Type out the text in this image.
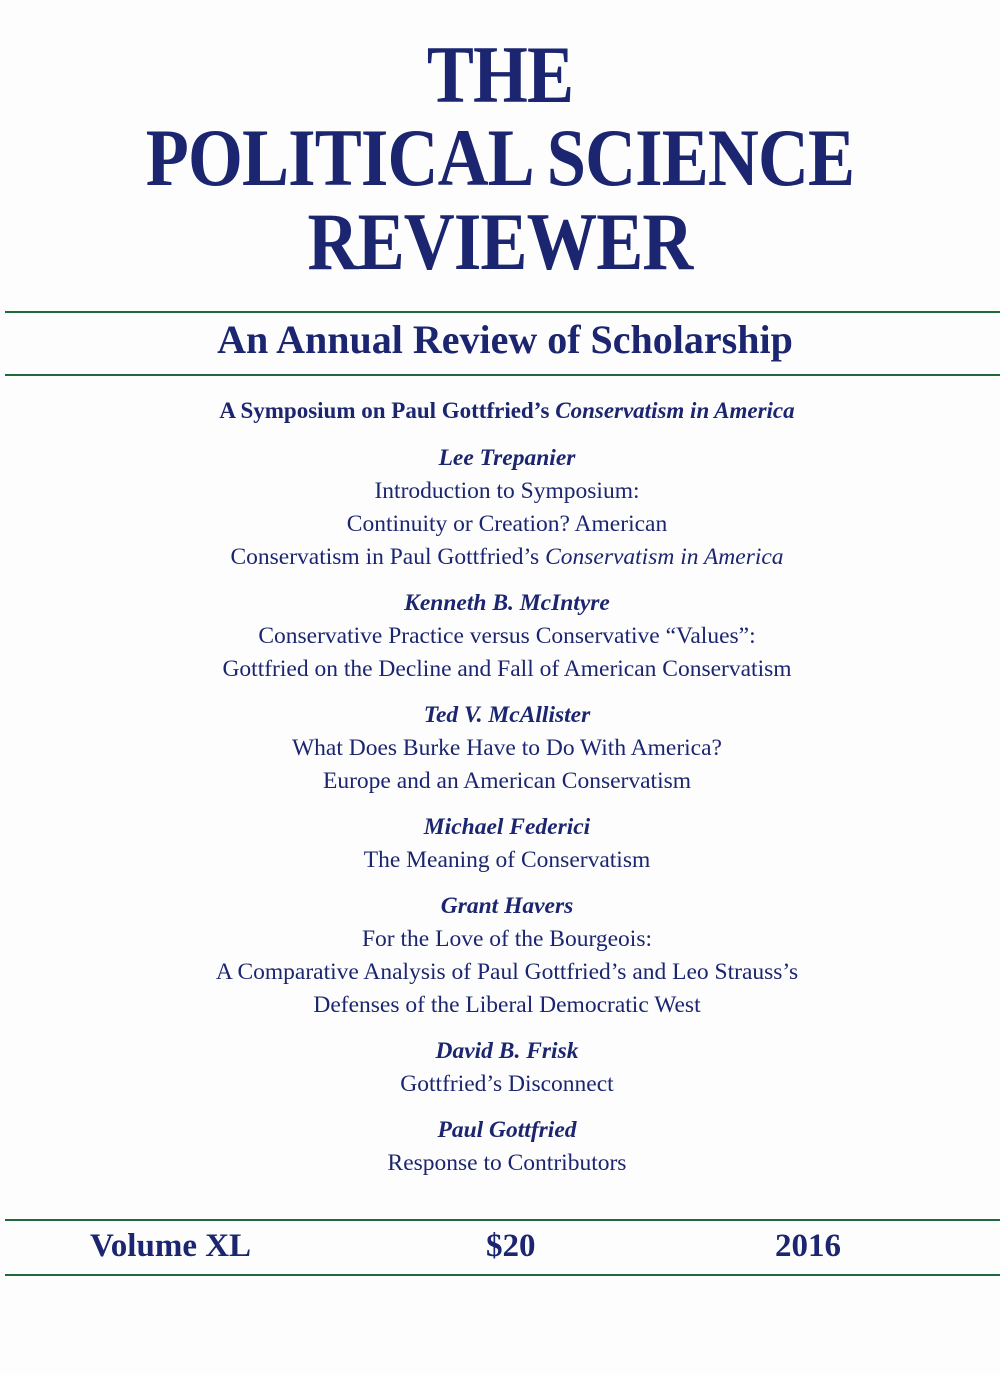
THE
POLITICAL SCIENCE
REVIEWER
An Annual Review of Scholarship
A Symposium on Paul Gottfried’s Conservatism in America
Lee Trepanier
Introduction to Symposium:
Continuity or Creation? American
Conservatism in Paul Gottfried’s Conservatism in America
Kenneth B. McIntyre
Conservative Practice versus Conservative “Values”:
Gottfried on the Decline and Fall of American Conservatism
Ted V. McAllister
What Does Burke Have to Do With America?
Europe and an American Conservatism
Michael Federici
The Meaning of Conservatism
Grant Havers
For the Love of the Bourgeois:
A Comparative Analysis of Paul Gottfried’s and Leo Strauss’s
Defenses of the Liberal Democratic West
David B. Frisk
Gottfried’s Disconnect
Paul Gottfried
Response to Contributors
Volume XL	$20	2016
